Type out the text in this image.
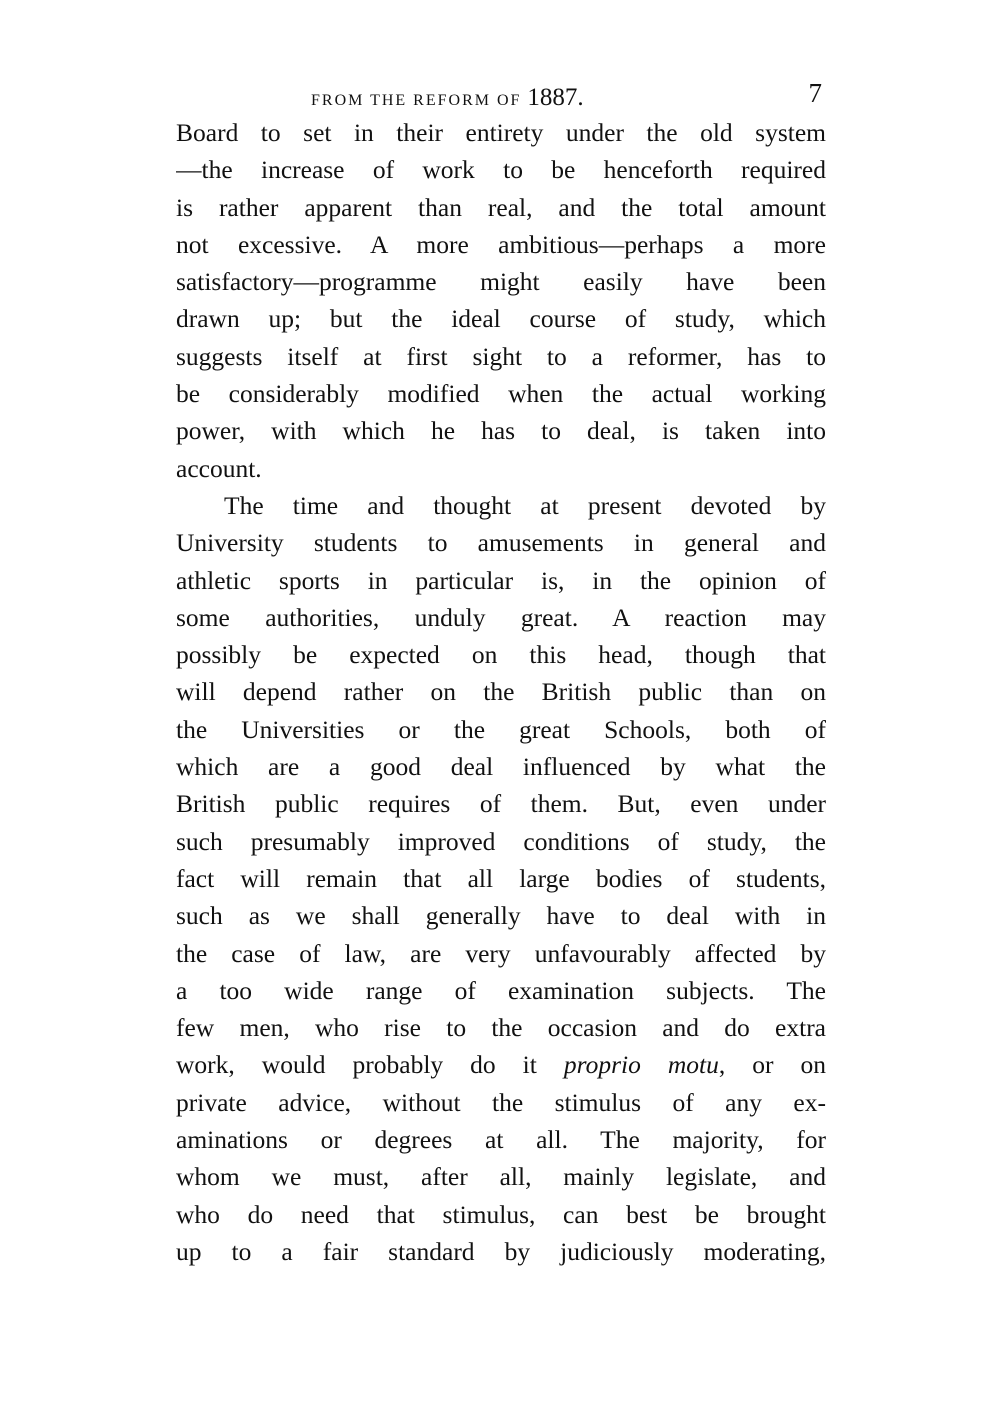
FROM THE REFORM OF 1887.	7
Board to set in their entirety under the old system
—the increase of work to be henceforth required
is rather apparent than real, and the total amount
not excessive. A more ambitious—perhaps a more
satisfactory—programme might easily have been
drawn up; but the ideal course of study, which
suggests itself at first sight to a reformer, has to
be considerably modified when the actual working
power, with which he has to deal, is taken into
account.
The time and thought at present devoted by
University students to amusements in general and
athletic sports in particular is, in the opinion of
some authorities, unduly great. A reaction may
possibly be expected on this head, though that
will depend rather on the British public than on
the Universities or the great Schools, both of
which are a good deal influenced by what the
British public requires of them. But, even under
such presumably improved conditions of study, the
fact will remain that all large bodies of students,
such as we shall generally have to deal with in
the case of law, are very unfavourably affected by
a too wide range of examination subjects. The
few men, who rise to the occasion and do extra
work, would probably do it proprio motu, or on
private advice, without the stimulus of any ex-
aminations or degrees at all. The majority, for
whom we must, after all, mainly legislate, and
who do need that stimulus, can best be brought
up to a fair standard by judiciously moderating,
